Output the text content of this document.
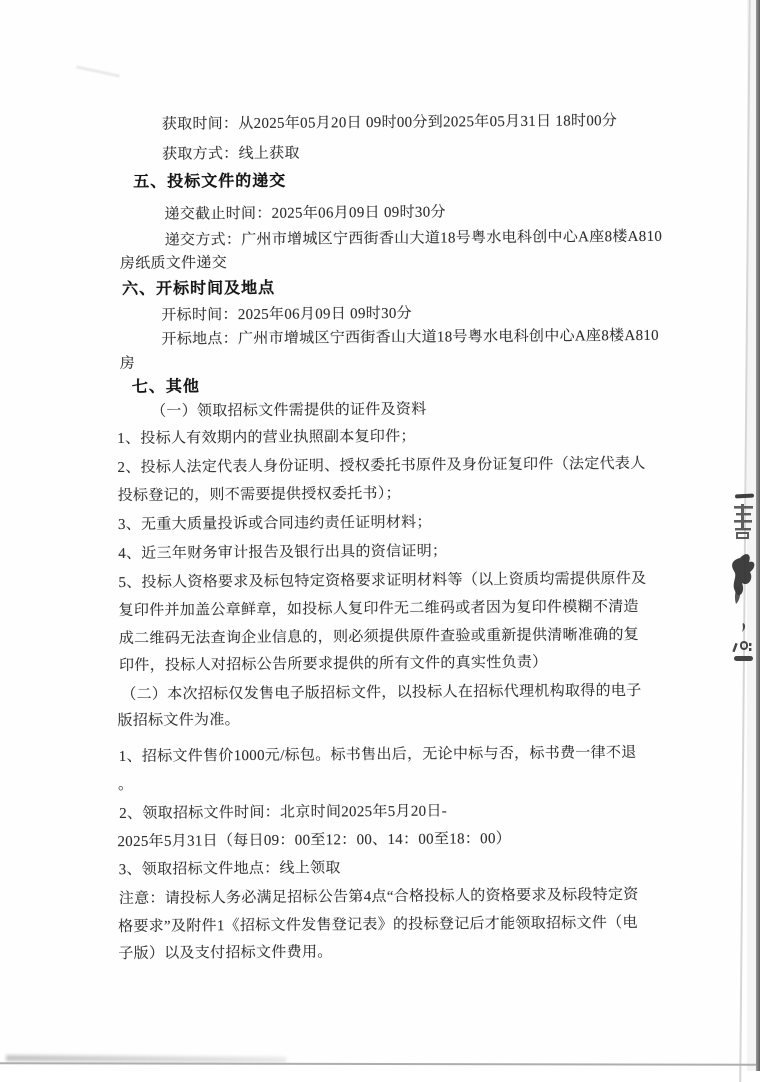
获取时间：从2025年05月20日 09时00分到2025年05月31日 18时00分
获取方式：线上获取
五、投标文件的递交
递交截止时间：2025年06月09日 09时30分
递交方式：广州市增城区宁西街香山大道18号粤水电科创中心A座8楼A810
房纸质文件递交
六、开标时间及地点
开标时间：2025年06月09日 09时30分
开标地点：广州市增城区宁西街香山大道18号粤水电科创中心A座8楼A810
房
七、其他
（一）领取招标文件需提供的证件及资料
1、投标人有效期内的营业执照副本复印件；
2、投标人法定代表人身份证明、授权委托书原件及身份证复印件（法定代表人
投标登记的，则不需要提供授权委托书）；
3、无重大质量投诉或合同违约责任证明材料；
4、近三年财务审计报告及银行出具的资信证明；
5、投标人资格要求及标包特定资格要求证明材料等（以上资质均需提供原件及
复印件并加盖公章鲜章，如投标人复印件无二维码或者因为复印件模糊不清造
成二维码无法查询企业信息的，则必须提供原件查验或重新提供清晰准确的复
印件，投标人对招标公告所要求提供的所有文件的真实性负责）
（二）本次招标仅发售电子版招标文件，以投标人在招标代理机构取得的电子
版招标文件为准。
1、招标文件售价1000元/标包。标书售出后，无论中标与否，标书费一律不退
。
2、领取招标文件时间：北京时间2025年5月20日-
2025年5月31日（每日09：00至12：00、14：00至18：00）
3、领取招标文件地点：线上领取
注意：请投标人务必满足招标公告第4点“合格投标人的资格要求及标段特定资
格要求”及附件1《招标文件发售登记表》的投标登记后才能领取招标文件（电
子版）以及支付招标文件费用。
